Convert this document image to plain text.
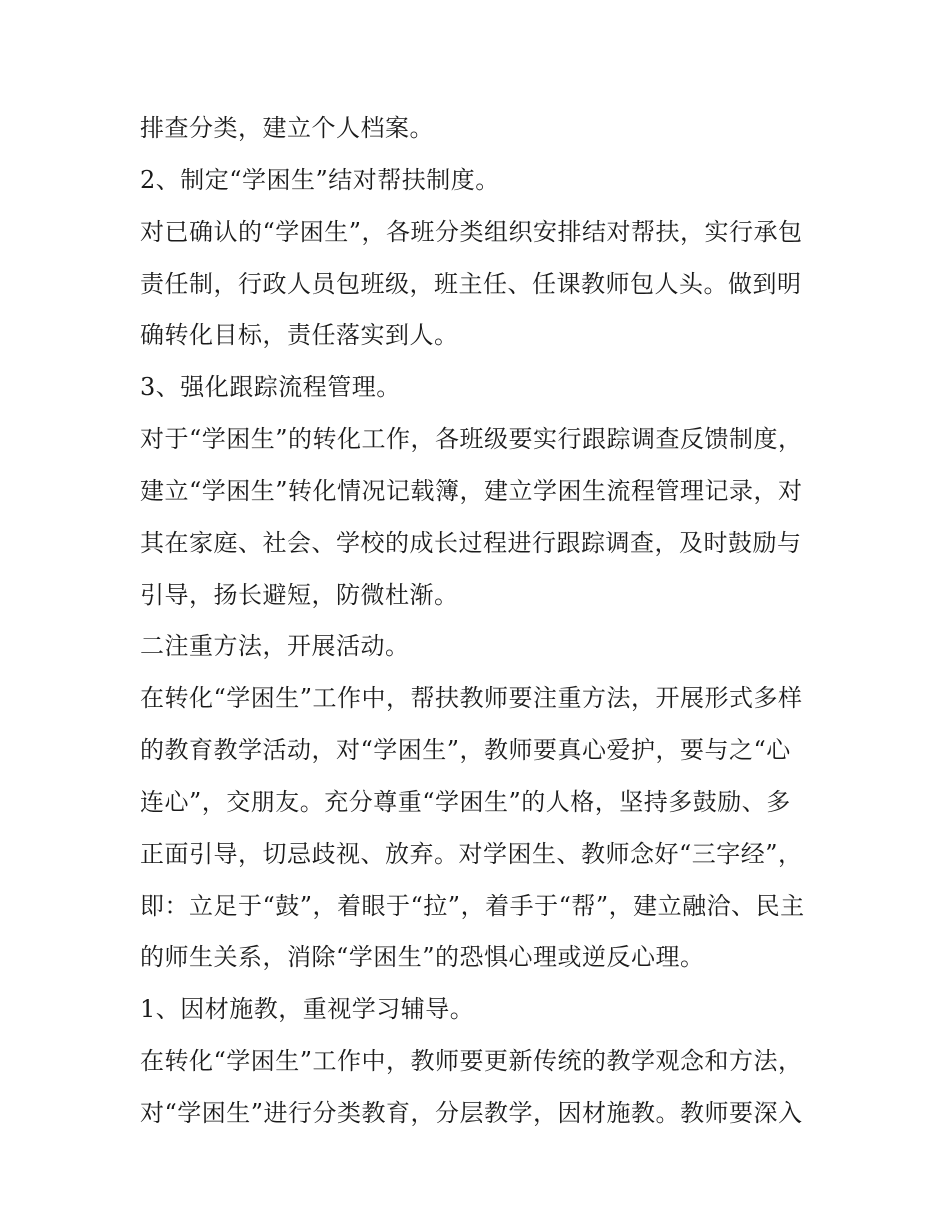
排查分类，建立个人档案。
2、制定“学困生”结对帮扶制度。
对已确认的“学困生”，各班分类组织安排结对帮扶，实行承包
责任制，行政人员包班级，班主任、任课教师包人头。做到明
确转化目标，责任落实到人。
3、强化跟踪流程管理。
对于“学困生”的转化工作，各班级要实行跟踪调查反馈制度，
建立“学困生”转化情况记载簿，建立学困生流程管理记录，对
其在家庭、社会、学校的成长过程进行跟踪调查，及时鼓励与
引导，扬长避短，防微杜渐。
二注重方法，开展活动。
在转化“学困生”工作中，帮扶教师要注重方法，开展形式多样
的教育教学活动，对“学困生”，教师要真心爱护，要与之“心
连心”，交朋友。充分尊重“学困生”的人格，坚持多鼓励、多
正面引导，切忌歧视、放弃。对学困生、教师念好“三字经”，
即：立足于“鼓”，着眼于“拉”，着手于“帮”，建立融洽、民主
的师生关系，消除“学困生”的恐惧心理或逆反心理。
1、因材施教，重视学习辅导。
在转化“学困生”工作中，教师要更新传统的教学观念和方法，
对“学困生”进行分类教育，分层教学，因材施教。教师要深入
